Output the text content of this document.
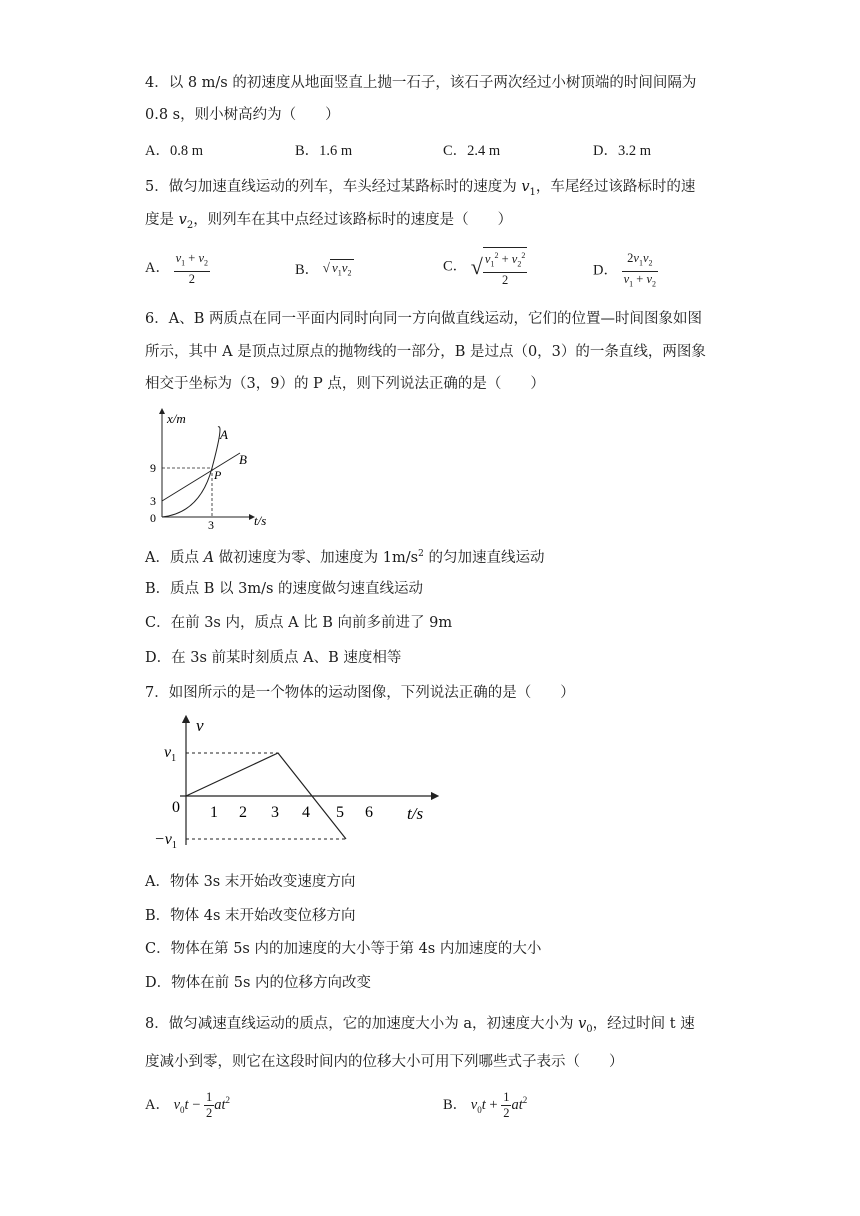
4．以 8 m/s 的初速度从地面竖直上抛一石子，该石子两次经过小树顶端的时间间隔为
0.8 s，则小树高约为（　　）
A．0.8 m	B．1.6 m	C．2.4 m	D．3.2 m
5．做匀加速直线运动的列车，车头经过某路标时的速度为 $v_1$，车尾经过该路标时的速
度是 $v_2$，则列车在其中点经过该路标时的速度是（　　）
A． $\frac{v_1 + v_2}{2}$	B． √ $v_1v_2$	C． √ $\frac{v_1^2 + v_2^2}{2}$	D． $\frac{2v_1v_2}{v_1 + v_2}$
6．A、B 两质点在同一平面内同时向同一方向做直线运动，它们的位置—时间图象如图
所示，其中 A 是顶点过原点的抛物线的一部分，B 是过点（0，3）的一条直线，两图象
相交于坐标为（3，9）的 P 点，则下列说法正确的是（　　）
x/m
A
B
P
9
3
0	3	t/s
A．质点 A 做初速度为零、加速度为 $1m/s^2$ 的匀加速直线运动
B．质点 B 以 3m/s 的速度做匀速直线运动
C．在前 3s 内，质点 A 比 B 向前多前进了 9m
D．在 3s 前某时刻质点 A、B 速度相等
7．如图所示的是一个物体的运动图像，下列说法正确的是（　　）
v
$v_1$
$-v_1$
0 1 2 3 4 5 6 t/s
A．物体 3s 末开始改变速度方向
B．物体 4s 末开始改变位移方向
C．物体在第 5s 内的加速度的大小等于第 4s 内加速度的大小
D．物体在前 5s 内的位移方向改变
8．做匀减速直线运动的质点，它的加速度大小为 a，初速度大小为 $v_0$，经过时间 t 速
度减小到零，则它在这段时间内的位移大小可用下列哪些式子表示（　　）
A． $v_0t - \frac{1}{2} at^2$	B． $v_0t + \frac{1}{2} at^2$
